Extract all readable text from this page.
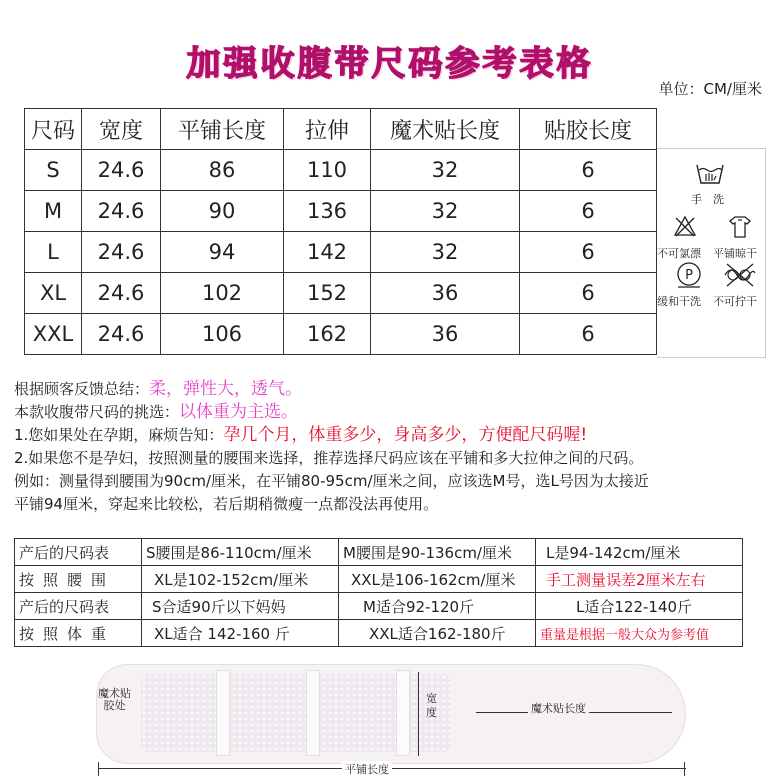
加强收腹带尺码参考表格
单位：CM/厘米
尺码	宽度	平铺长度	拉伸	魔术贴长度	贴胶长度
S	24.6	86	110	32	6
M	24.6	90	136	32	6
L	24.6	94	142	32	6
XL	24.6	102	152	36	6
XXL	24.6	106	162	36	6
手　洗
不可氯漂 平铺晾干
P
缓和干洗 不可拧干
根据顾客反馈总结：柔，弹性大，透气。
本款收腹带尺码的挑选：以体重为主选。
1.您如果处在孕期，麻烦告知：孕几个月，体重多少，身高多少，方便配尺码喔!
2.如果您不是孕妇，按照测量的腰围来选择，推荐选择尺码应该在平铺和多大拉伸之间的尺码。
例如：测量得到腰围为90cm/厘米，在平铺80-95cm/厘米之间，应该选M号，选L号因为太接近
平铺94厘米，穿起来比较松，若后期稍微瘦一点都没法再使用。
产后的尺码表	S腰围是86-110cm/厘米	M腰围是90-136cm/厘米	L是94-142cm/厘米
按照腰围	XL是102-152cm/厘米	XXL是106-162cm/厘米	手工测量误差2厘米左右
产后的尺码表	S合适90斤以下妈妈	M适合92-120斤	L适合122-140斤
按照体重	XL适合 142-160 斤	XXL适合162-180斤	重量是根据一般大众为参考值
魔术贴
胶处
宽
度	魔术贴长度
平铺长度
